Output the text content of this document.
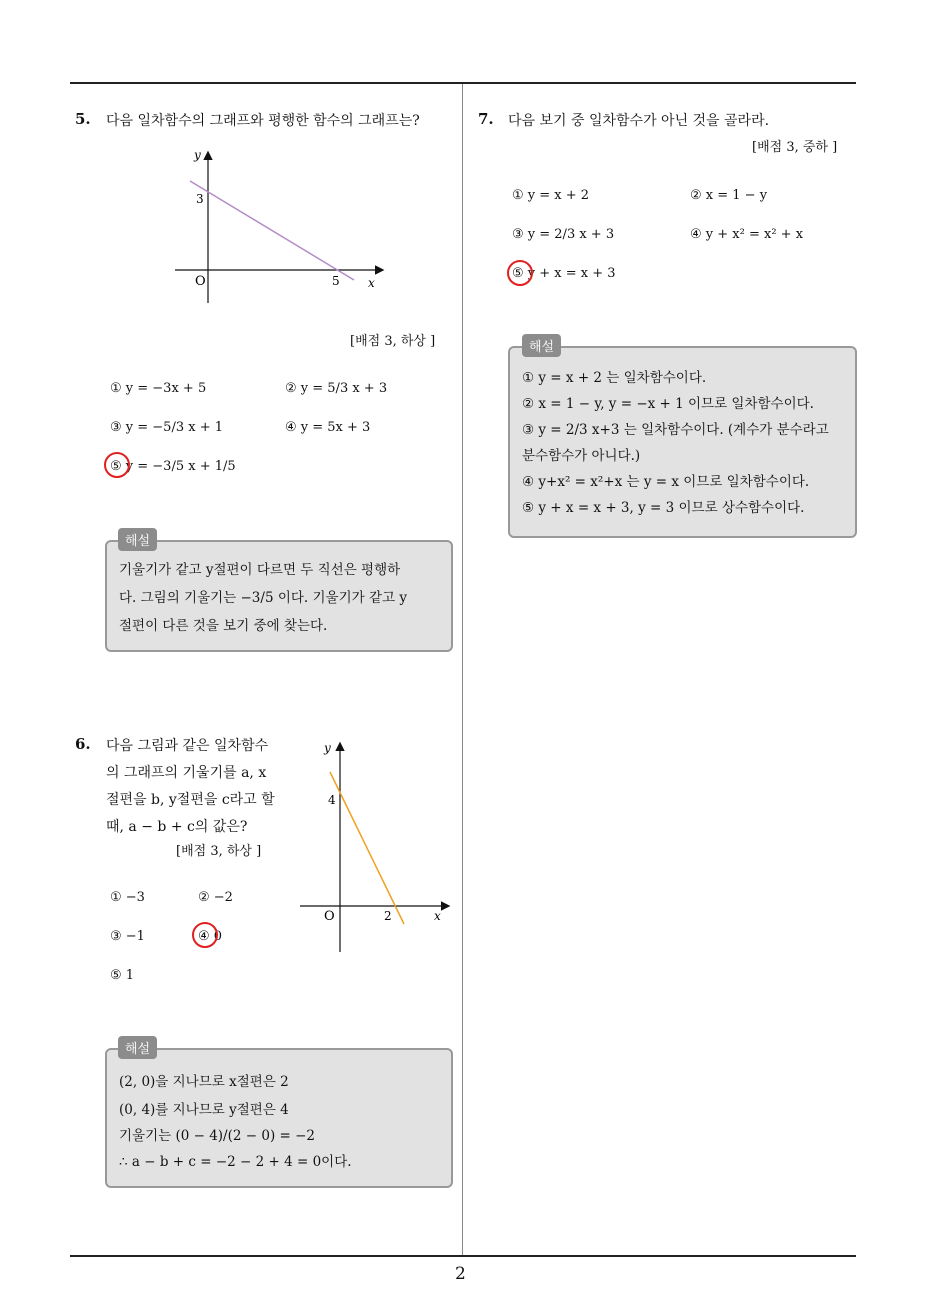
2
5. 다음 일차함수의 그래프와 평행한 함수의 그래프는?
y
x
O
3
5
[배점 3, 하상 ]
① y = −3x + 5	② y = 5/3 x + 3
③ y = −5/3 x + 1	④ y = 5x + 3
⑤ y = −3/5 x + 1/5
기울기가 같고 y절편이 다르면 두 직선은 평행하
다. 그림의 기울기는 −3/5 이다. 기울기가 같고 y
절편이 다른 것을 보기 중에 찾는다.
해설
6. 다음 그림과 같은 일차함수
의 그래프의 기울기를 a, x
절편을 b, y절편을 c라고 할
때, a − b + c의 값은?
[배점 3, 하상 ]
y
x
O
4
2
① −3	② −2
③ −1	④ 0
⑤ 1
(2, 0)을 지나므로 x절편은 2
(0, 4)를 지나므로 y절편은 4
기울기는 (0 − 4)/(2 − 0) = −2
∴ a − b + c = −2 − 2 + 4 = 0이다.
해설
7. 다음 보기 중 일차함수가 아닌 것을 골라라.
[배점 3, 중하 ]
① y = x + 2	② x = 1 − y
③ y = 2/3 x + 3	④ y + x² = x² + x
⑤ y + x = x + 3
① y = x + 2 는 일차함수이다.
② x = 1 − y, y = −x + 1 이므로 일차함수이다.
③ y = 2/3 x+3 는 일차함수이다. (계수가 분수라고
분수함수가 아니다.)
④ y+x² = x²+x 는 y = x 이므로 일차함수이다.
⑤ y + x = x + 3, y = 3 이므로 상수함수이다.
해설
